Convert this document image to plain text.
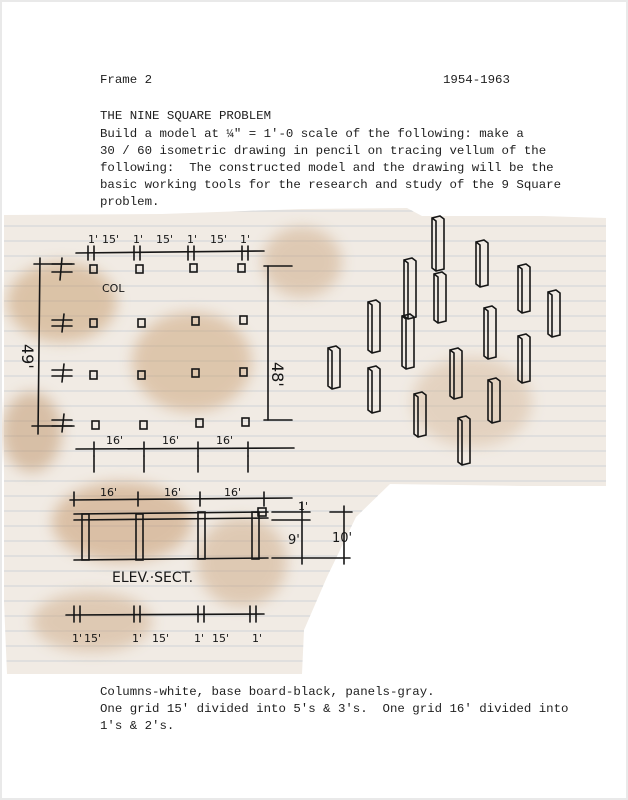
Frame 2	1954-1963
THE NINE SQUARE PROBLEM
Build a model at ¼" = 1'-0 scale of the following: make a
30 / 60 isometric drawing in pencil on tracing vellum of the
following:  The constructed model and the drawing will be the
basic working tools for the research and study of the 9 Square
problem.
1' 15' 1' 15' 1' 15' 1'
COL
48'
49'
16'	16'	16'
16'	16'	16'
1'
9' 10'
ELEV.·SECT.
1' 15'	1' 15' 1' 15' 1'
Columns-white, base board-black, panels-gray.
One grid 15' divided into 5's & 3's.  One grid 16' divided into
1's & 2's.
